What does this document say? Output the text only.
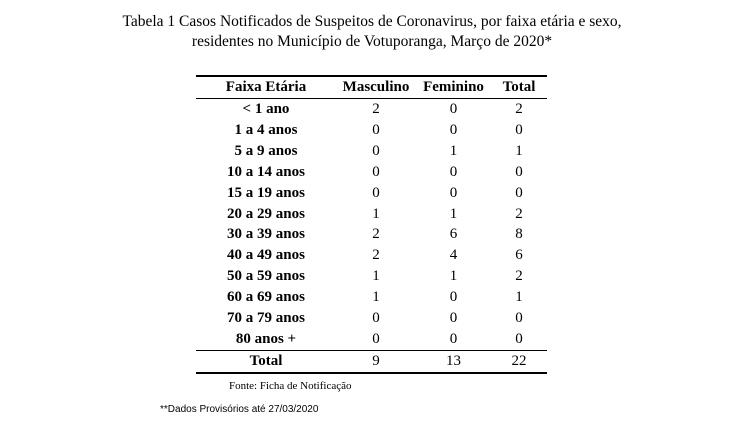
Tabela 1 Casos Notificados de Suspeitos de Coronavirus, por faixa etária e sexo,
residentes no Município de Votuporanga, Março de 2020*
Faixa Etária	Masculino	Feminino	Total
< 1 ano	2	0	2
1 a 4 anos	0	0	0
5 a 9 anos	0	1	1
10 a 14 anos	0	0	0
15 a 19 anos	0	0	0
20 a 29 anos	1	1	2
30 a 39 anos	2	6	8
40 a 49 anos	2	4	6
50 a 59 anos	1	1	2
60 a 69 anos	1	0	1
70 a 79 anos	0	0	0
80 anos +	0	0	0
Total	9	13	22
Fonte: Ficha de Notificação
**Dados Provisórios até 27/03/2020
